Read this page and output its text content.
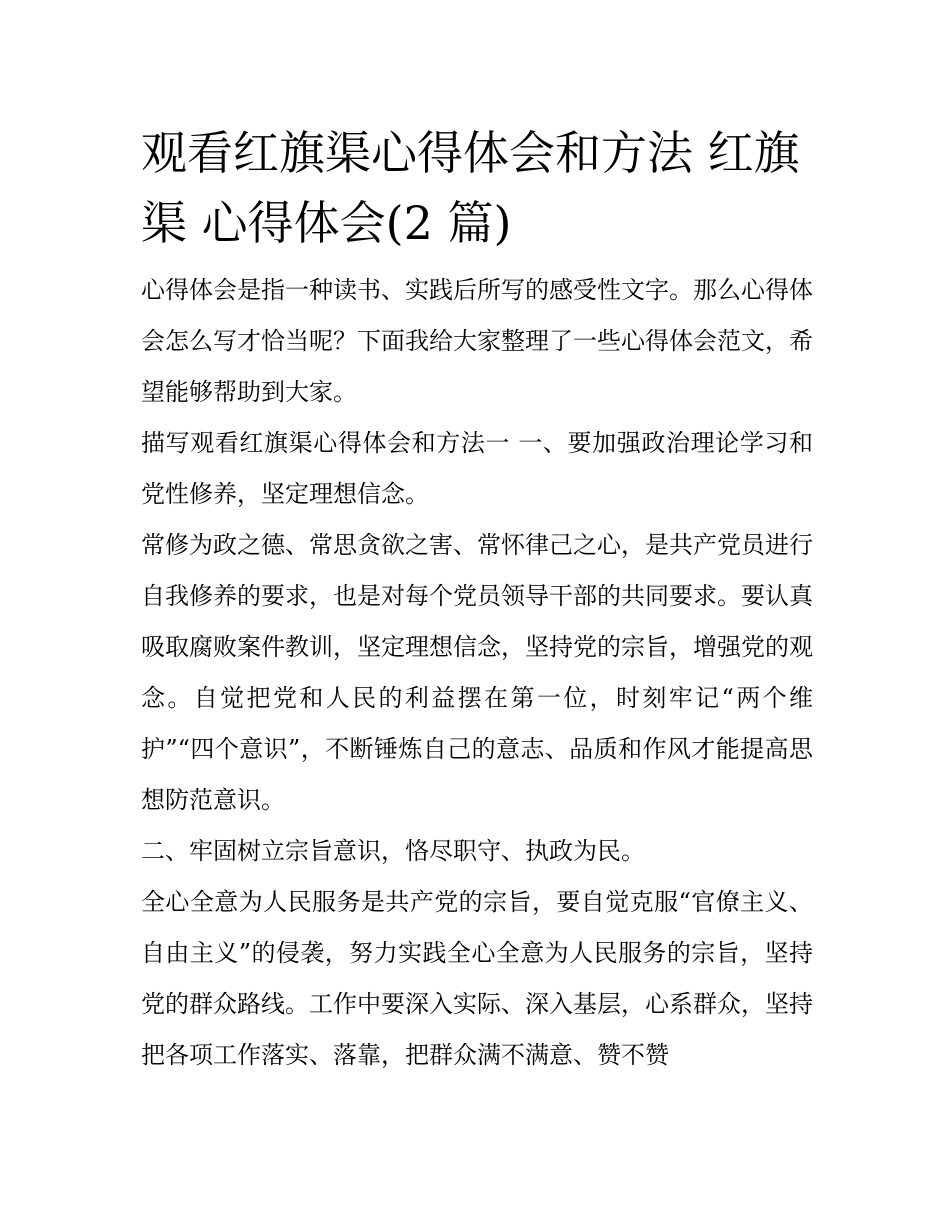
观看红旗渠心得体会和方法 红旗渠 心得体会(2 篇)

心得体会是指一种读书、实践后所写的感受性文字。那么心得体会怎么写才恰当呢？下面我给大家整理了一些心得体会范文，希望能够帮助到大家。

描写观看红旗渠心得体会和方法一 一、要加强政治理论学习和党性修养，坚定理想信念。

常修为政之德、常思贪欲之害、常怀律己之心，是共产党员进行自我修养的要求，也是对每个党员领导干部的共同要求。要认真吸取腐败案件教训，坚定理想信念，坚持党的宗旨，增强党的观念。自觉把党和人民的利益摆在第一位，时刻牢记“两个维护”“四个意识”，不断锤炼自己的意志、品质和作风才能提高思想防范意识。

二、牢固树立宗旨意识，恪尽职守、执政为民。

全心全意为人民服务是共产党的宗旨，要自觉克服“官僚主义、自由主义”的侵袭，努力实践全心全意为人民服务的宗旨，坚持党的群众路线。工作中要深入实际、深入基层，心系群众，坚持把各项工作落实、落靠，把群众满不满意、赞不赞
